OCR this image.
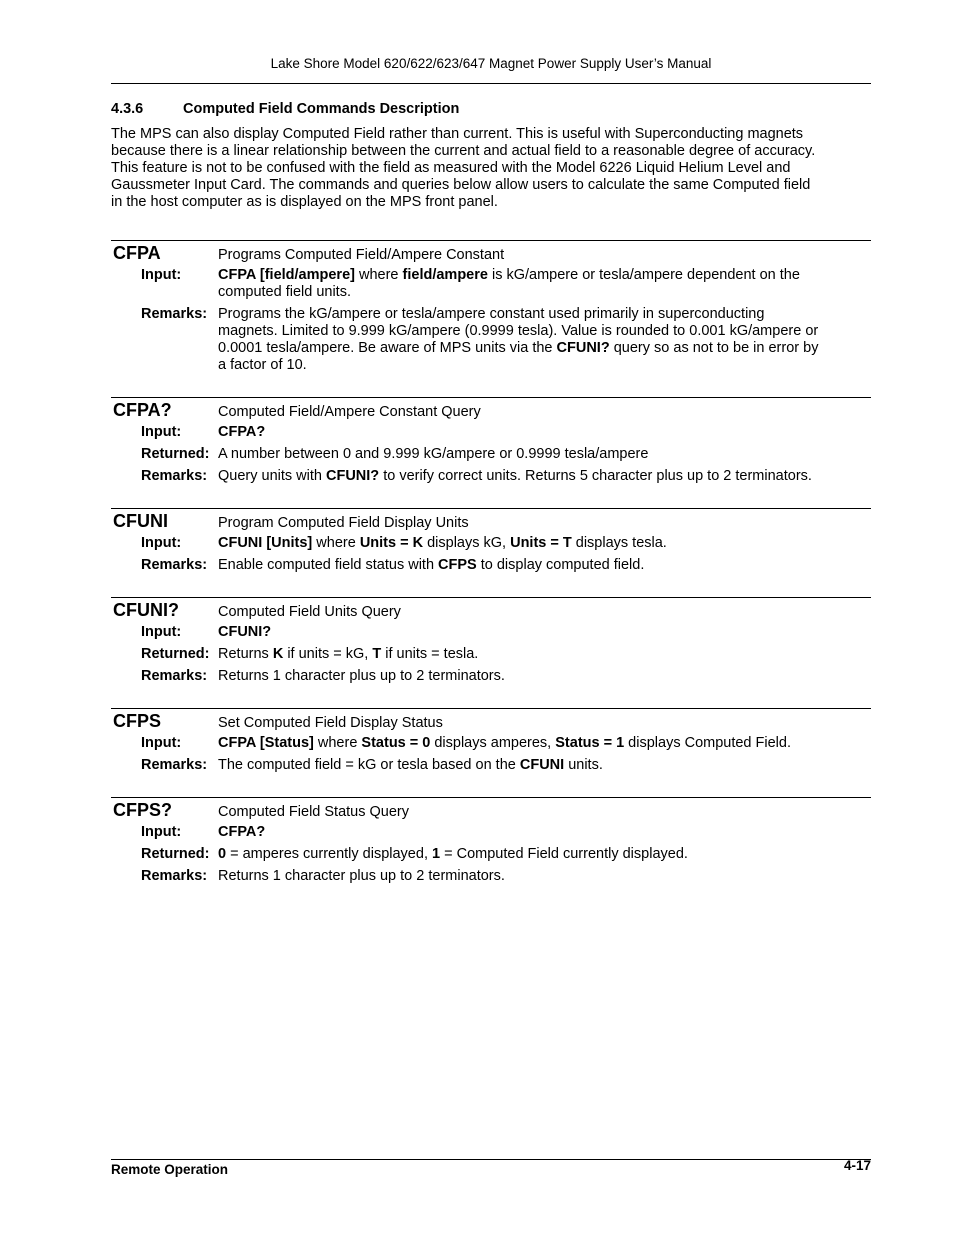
Lake Shore Model 620/622/623/647 Magnet Power Supply User’s Manual
4.3.6	Computed Field Commands Description
The MPS can also display Computed Field rather than current. This is useful with Superconducting magnets
because there is a linear relationship between the current and actual field to a reasonable degree of accuracy.
This feature is not to be confused with the field as measured with the Model 6226 Liquid Helium Level and
Gaussmeter Input Card. The commands and queries below allow users to calculate the same Computed field
in the host computer as is displayed on the MPS front panel.
CFPA	Programs Computed Field/Ampere Constant
Input:	CFPA [field/ampere] where field/ampere is kG/ampere or tesla/ampere dependent on the
computed field units.
Remarks: Programs the kG/ampere or tesla/ampere constant used primarily in superconducting
magnets. Limited to 9.999 kG/ampere (0.9999 tesla). Value is rounded to 0.001 kG/ampere or
0.0001 tesla/ampere. Be aware of MPS units via the CFUNI? query so as not to be in error by
a factor of 10.
CFPA?	Computed Field/Ampere Constant Query
Input:	CFPA?
Returned: A number between 0 and 9.999 kG/ampere or 0.9999 tesla/ampere
Remarks: Query units with CFUNI? to verify correct units. Returns 5 character plus up to 2 terminators.
CFUNI	Program Computed Field Display Units
Input:	CFUNI [Units] where Units = K displays kG, Units = T displays tesla.
Remarks: Enable computed field status with CFPS to display computed field.
CFUNI?	Computed Field Units Query
Input:	CFUNI?
Returned: Returns K if units = kG, T if units = tesla.
Remarks: Returns 1 character plus up to 2 terminators.
CFPS	Set Computed Field Display Status
Input:	CFPA [Status] where Status = 0 displays amperes, Status = 1 displays Computed Field.
Remarks: The computed field = kG or tesla based on the CFUNI units.
CFPS?	Computed Field Status Query
Input:	CFPA?
Returned: 0 = amperes currently displayed, 1 = Computed Field currently displayed.
Remarks: Returns 1 character plus up to 2 terminators.
Remote Operation	4-17
